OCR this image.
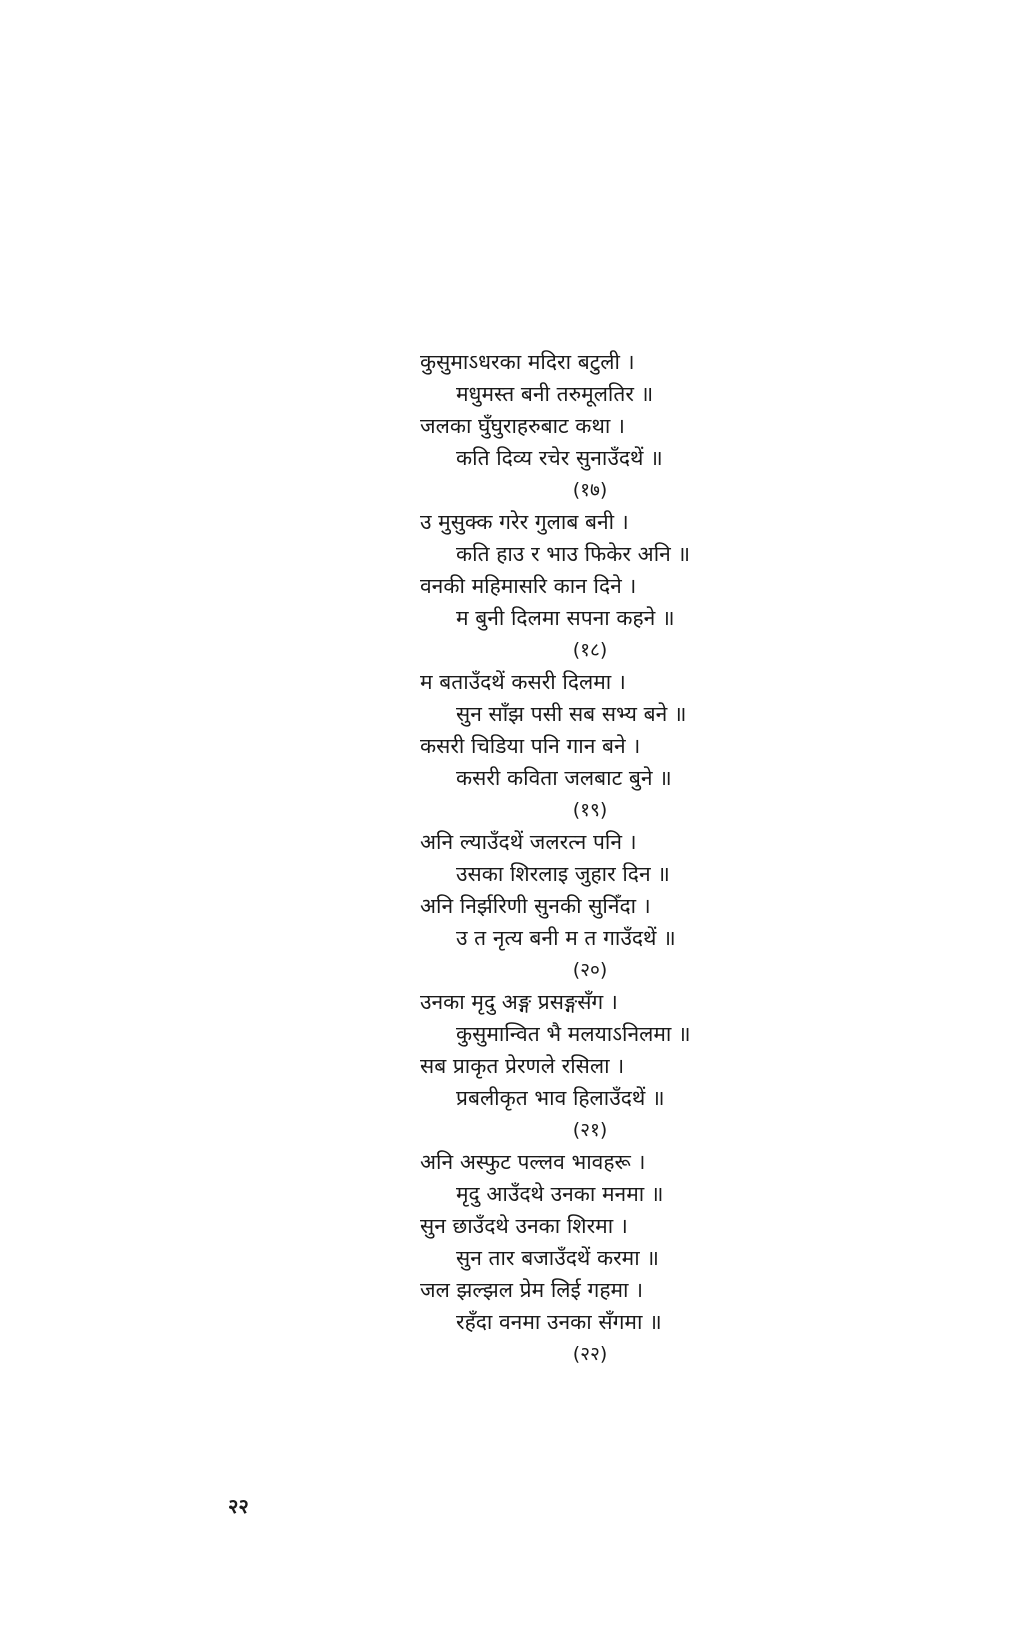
कुसुमाऽधरका मदिरा बटुली ।
मधुमस्त बनी तरुमूलतिर ॥
जलका घुँघुराहरुबाट कथा ।
कति दिव्य रचेर सुनाउँदथें ॥
(१७)
उ मुसुक्क गरेर गुलाब बनी ।
कति हाउ र भाउ फिकेर अनि ॥
वनकी महिमासरि कान दिने ।
म बुनी दिलमा सपना कहने ॥
(१८)
म बताउँदथें कसरी दिलमा ।
सुन साँझ पसी सब सभ्य बने ॥
कसरी चिडिया पनि गान बने ।
कसरी कविता जलबाट बुने ॥
(१९)
अनि ल्याउँदथें जलरत्न पनि ।
उसका शिरलाइ जुहार दिन ॥
अनि निर्झरिणी सुनकी सुनिँदा ।
उ त नृत्य बनी म त गाउँदथें ॥
(२०)
उनका मृदु अङ्ग प्रसङ्गसँग ।
कुसुमान्वित भै मलयाऽनिलमा ॥
सब प्राकृत प्रेरणले रसिला ।
प्रबलीकृत भाव हिलाउँदथें ॥
(२१)
अनि अस्फुट पल्लव भावहरू ।
मृदु आउँदथे उनका मनमा ॥
सुन छाउँदथे उनका शिरमा ।
सुन तार बजाउँदथें करमा ॥
जल झल्झल प्रेम लिई गहमा ।
रहँदा वनमा उनका सँगमा ॥
(२२)
२२
